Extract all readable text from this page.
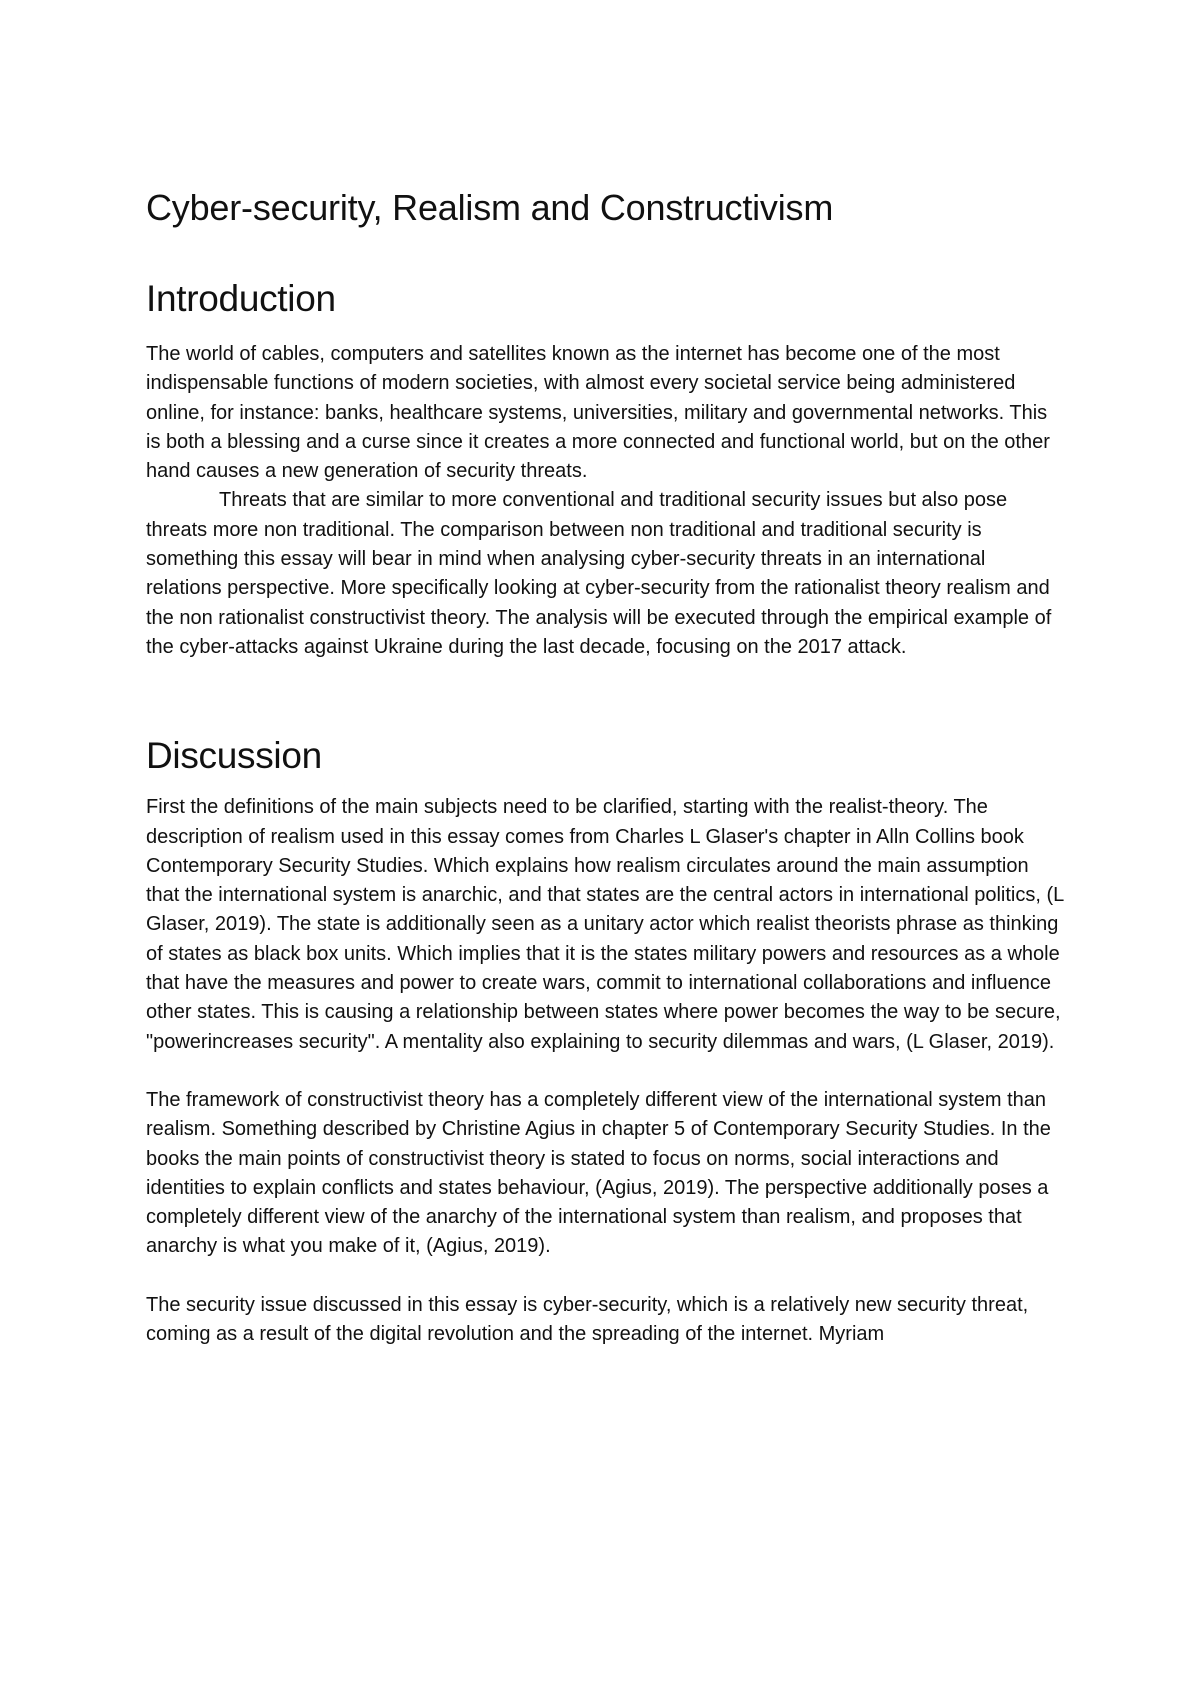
Cyber-security, Realism and Constructivism
Introduction

The world of cables, computers and satellites known as the internet has become one of the most indispensable functions of modern societies, with almost every societal service being administered online, for instance: banks, healthcare systems, universities, military and governmental networks. This is both a blessing and a curse since it creates a more connected and functional world, but on the other hand causes a new generation of security threats.

Threats that are similar to more conventional and traditional security issues but also pose threats more non traditional. The comparison between non traditional and traditional security is something this essay will bear in mind when analysing cyber-security threats in an international relations perspective. More specifically looking at cyber-security from the rationalist theory realism and the non rationalist constructivist theory. The analysis will be executed through the empirical example of the cyber-attacks against Ukraine during the last decade, focusing on the 2017 attack.

Discussion

First the definitions of the main subjects need to be clarified, starting with the realist-theory. The description of realism used in this essay comes from Charles L Glaser's chapter in Alln Collins book Contemporary Security Studies. Which explains how realism circulates around the main assumption that the international system is anarchic, and that states are the central actors in international politics, (L Glaser, 2019). The state is additionally seen as a unitary actor which realist theorists phrase as thinking of states as black box units. Which implies that it is the states military powers and resources as a whole that have the measures and power to create wars, commit to international collaborations and influence other states. This is causing a relationship between states where power becomes the way to be secure, "powerincreases security". A mentality also explaining to security dilemmas and wars, (L Glaser, 2019).

The framework of constructivist theory has a completely different view of the international system than realism. Something described by Christine Agius in chapter 5 of Contemporary Security Studies. In the books the main points of constructivist theory is stated to focus on norms, social interactions and identities to explain conflicts and states behaviour, (Agius, 2019). The perspective additionally poses a completely different view of the anarchy of the international system than realism, and proposes that anarchy is what you make of it, (Agius, 2019).

The security issue discussed in this essay is cyber-security, which is a relatively new security threat, coming as a result of the digital revolution and the spreading of the internet. Myriam
